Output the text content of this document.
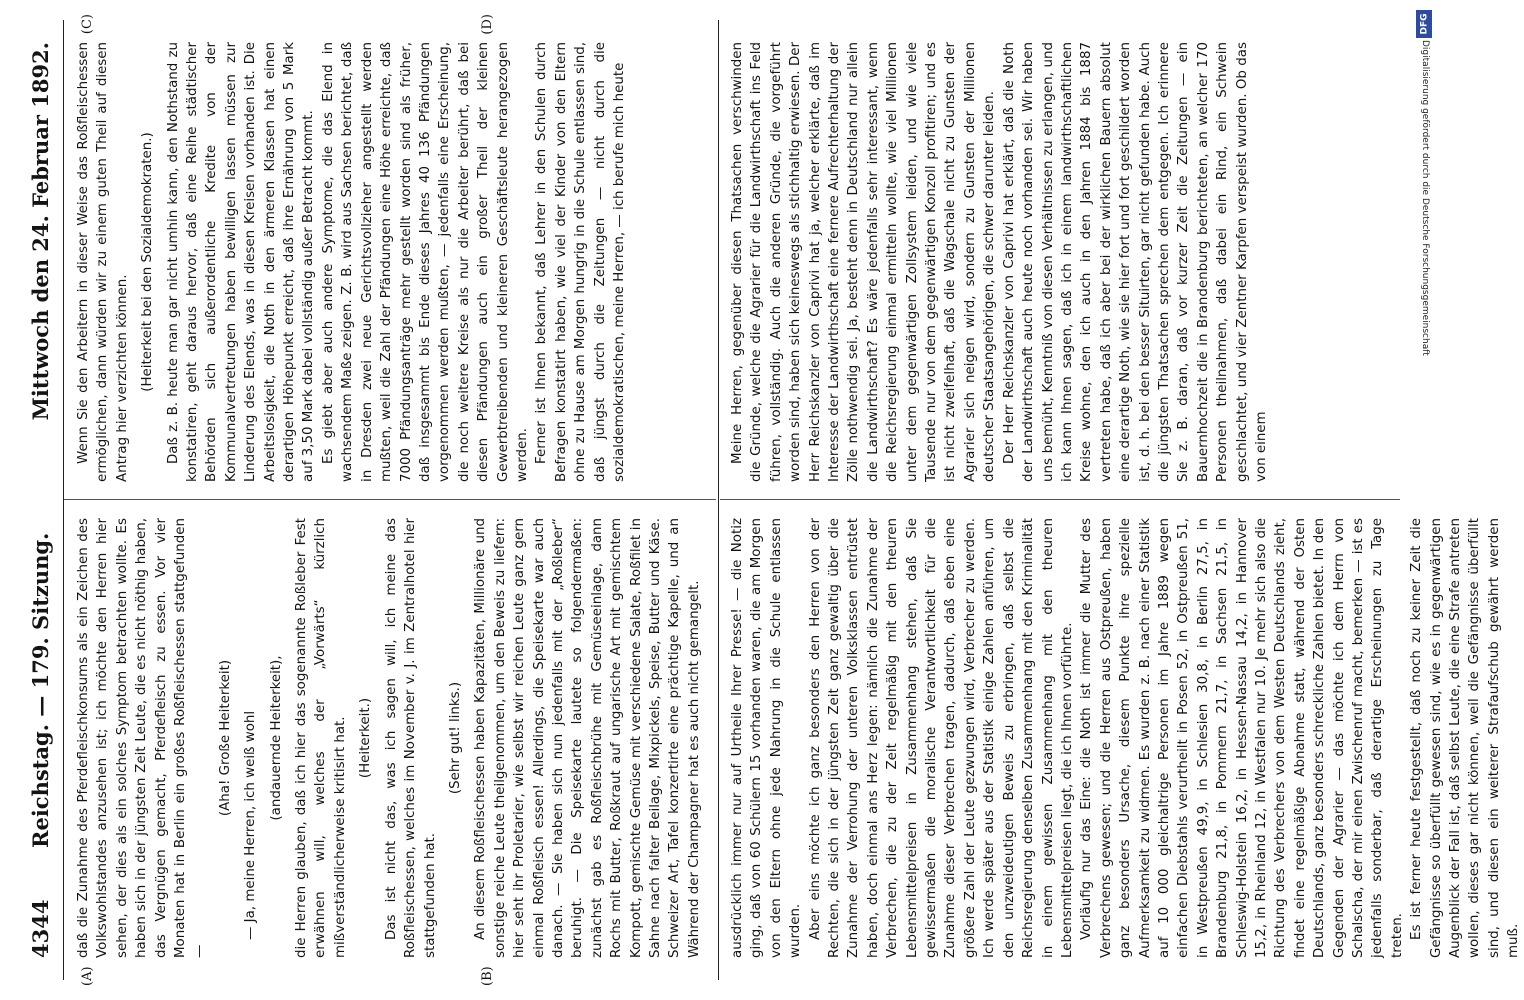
4344
Reichstag. — 179. Sitzung.
Mittwoch den 24. Februar 1892.
(A)	(B)
(C)	(D)

daß die Zunahme des Pferdefleischkonsums als ein Zeichen des Volkswohlstandes anzusehen ist; ich möchte den Herren hier sehen, der dies als ein solches Symptom betrachten wollte. Es haben sich in der jüngsten Zeit Leute, die es nicht nöthig haben, das Vergnügen gemacht, Pferdefleisch zu essen. Vor vier Monaten hat in Berlin ein großes Roßfleischessen stattgefunden —

(Aha! Große Heiterkeit) — Ja, meine Herren, ich weiß wohl (andauernde Heiterkeit), die Herren glauben, daß ich hier das sogenannte Roßleber Fest erwähnen will, welches der „Vorwärts“ kürzlich mißverständlicherweise kritisirt hat. (Heiterkeit.) Das ist nicht das, was ich sagen will, ich meine das Roßfleischessen, welches im November v. J. im Zentralhotel hier stattgefunden hat.

(Sehr gut! links.) An diesem Roßfleischessen haben Kapazitäten, Millionäre und sonstige reiche Leute theilgenommen, um den Beweis zu liefern: hier seht ihr Proletarier, wie selbst wir reichen Leute ganz gern einmal Roßfleisch essen! Allerdings, die Speisekarte war auch danach. — Sie haben sich nun jedenfalls mit der „Roßleber“ beruhigt. — Die Speisekarte lautete so folgendermaßen: zunächst gab es Roßfleischbrühe mit Gemüseeinlage, dann Rochs mit Butter, Roßkraut auf ungarische Art mit gemischtem Kompott, gemischte Gemüse mit verschiedene Salate, Roßfilet in Sahne nach falter Beilage, Mixpickels, Speise, Butter und Käse. Schweizer Art, Tafel konzertirte eine prächtige Kapelle, und an Während der Champagner hat es auch nicht gemangelt.

Wenn Sie den Arbeitern in dieser Weise das Roßfleischessen ermöglichen, dann würden wir zu einem guten Theil auf diesen Antrag hier verzichten können. (Heiterkeit bei den Sozialdemokraten.) Daß z. B. heute man gar nicht umhin kann, den Nothstand zu konstatiren, geht daraus hervor, daß eine Reihe städtischer Behörden sich außerordentliche Kredite von der Kommunalvertretungen haben bewilligen lassen müssen zur Linderung des Elends, was in diesen Kreisen vorhanden ist. Die Arbeitslosigkeit, die Noth in den ärmeren Klassen hat einen derartigen Höhepunkt erreicht, daß ihre Ernährung von 5 Mark auf 3,50 Mark dabei vollständig außer Betracht kommt. Es giebt aber auch andere Symptome, die das Elend in wachsendem Maße zeigen. Z. B. wird aus Sachsen berichtet, daß in Dresden zwei neue Gerichtsvollzieher angestellt werden mußten, weil die Zahl der Pfändungen eine Höhe erreichte, daß 7000 Pfändungsanträge mehr gestellt worden sind als früher, daß insgesammt bis Ende dieses Jahres 40 136 Pfändungen vorgenommen werden mußten, — jedenfalls eine Erscheinung, die noch weitere Kreise als nur die Arbeiter berührt, daß bei diesen Pfändungen auch ein großer Theil der kleinen Gewerbtreibenden und kleineren Geschäftsleute herangezogen werden. Ferner ist Ihnen bekannt, daß Lehrer in den Schulen durch Befragen konstatirt haben, wie viel der Kinder von den Eltern ohne zu Hause am Morgen hungrig in die Schule entlassen sind, daß jüngst durch die Zeitungen — nicht durch die sozialdemokratischen, meine Herren, — ich berufe mich heute

ausdrücklich immer nur auf Urtheile Ihrer Presse! — die Notiz ging, daß von 60 Schülern 15 vorhanden waren, die am Morgen von den Eltern ohne jede Nahrung in die Schule entlassen wurden. Aber eins möchte ich ganz besonders den Herren von der Rechten, die sich in der jüngsten Zeit ganz gewaltig über die Zunahme der Verrohung der unteren Volksklassen entrüstet haben, doch einmal ans Herz legen: nämlich die Zunahme der Verbrechen, die zu der Zeit regelmäßig mit den theuren Lebensmittelpreisen in Zusammenhang stehen, daß Sie gewissermaßen die moralische Verantwortlichkeit für die Zunahme dieser Verbrechen tragen, dadurch, daß eben eine größere Zahl der Leute gezwungen wird, Verbrecher zu werden. Ich werde später aus der Statistik einige Zahlen anführen, um den unzweideutigen Beweis zu erbringen, daß selbst die Reichsregierung denselben Zusammenhang mit den Kriminalität in einem gewissen Zusammenhang mit den theuren Lebensmittelpreisen liegt, die ich Ihnen vorführte. Vorläufig nur das Eine: die Noth ist immer die Mutter des Verbrechens gewesen; und die Herren aus Ostpreußen, haben ganz besonders Ursache, diesem Punkte ihre spezielle Aufmerksamkeit zu widmen. Es wurden z. B. nach einer Statistik auf 10 000 gleichaltrige Personen im Jahre 1889 wegen einfachen Diebstahls verurtheilt in Posen 52, in Ostpreußen 51, in Westpreußen 49,9, in Schlesien 30,8, in Berlin 27,5, in Brandenburg 21,8, in Pommern 21,7, in Sachsen 21,5, in Schleswig-Holstein 16,2, in Hessen-Nassau 14,2, in Hannover 15,2, in Rheinland 12, in Westfalen nur 10. Je mehr sich also die Richtung des Verbrechers von dem Westen Deutschlands zieht, findet eine regelmäßige Abnahme statt, während der Osten Deutschlands, ganz besonders schreckliche Zahlen bietet. In den Gegenden der Agrarier — das möchte ich dem Herrn von Schalscha, der mir einen Zwischenruf macht, bemerken — ist es jedenfalls sonderbar, daß derartige Erscheinungen zu Tage treten. Es ist ferner heute festgestellt, daß noch zu keiner Zeit die Gefängnisse so überfüllt gewesen sind, wie es in gegenwärtigen Augenblick der Fall ist, daß selbst Leute, die eine Strafe antreten wollen, dieses gar nicht können, weil die Gefängnisse überfüllt sind, und diesen ein weiterer Strafaufschub gewährt werden muß.

Meine Herren, gegenüber diesen Thatsachen verschwinden die Gründe, welche die Agrarier für die Landwirthschaft ins Feld führen, vollständig. Auch die anderen Gründe, die vorgeführt worden sind, haben sich keineswegs als stichhaltig erwiesen. Der Herr Reichskanzler von Caprivi hat ja, welcher erklärte, daß im Interesse der Landwirthschaft eine fernere Aufrechterhaltung der Zölle nothwendig sei. Ja, besteht denn in Deutschland nur allein die Landwirthschaft? Es wäre jedenfalls sehr interessant, wenn die Reichsregierung einmal ermitteln wollte, wie viel Millionen unter dem gegenwärtigen Zollsystem leiden, und wie viele Tausende nur von dem gegenwärtigen Konzoll profitiren; und es ist nicht zweifelhaft, daß die Wagschale nicht zu Gunsten der Agrarier sich neigen wird, sondern zu Gunsten der Millionen deutscher Staatsangehörigen, die schwer darunter leiden. Der Herr Reichskanzler von Caprivi hat erklärt, daß die Noth der Landwirthschaft auch heute noch vorhanden sei. Wir haben uns bemüht, Kenntniß von diesen Verhältnissen zu erlangen, und ich kann Ihnen sagen, daß ich in einem landwirthschaftlichen Kreise wohne, den ich auch in den Jahren 1884 bis 1887 vertreten habe, daß ich aber bei der wirklichen Bauern absolut eine derartige Noth, wie sie hier fort und fort geschildert worden ist, d. h. bei den besser Situirten, gar nicht gefunden habe. Auch die jüngsten Thatsachen sprechen dem entgegen. Ich erinnere Sie z. B. daran, daß vor kurzer Zeit die Zeitungen — ein Bauernhochzeit die in Brandenburg berichteten, an welcher 170 Personen theilnahmen, daß dabei ein Rind, ein Schwein geschlachtet, und vier Zentner Karpfen verspeist wurden. Ob das von einem

DFG
Digitalisierung gefördert durch die Deutsche Forschungsgemeinschaft
